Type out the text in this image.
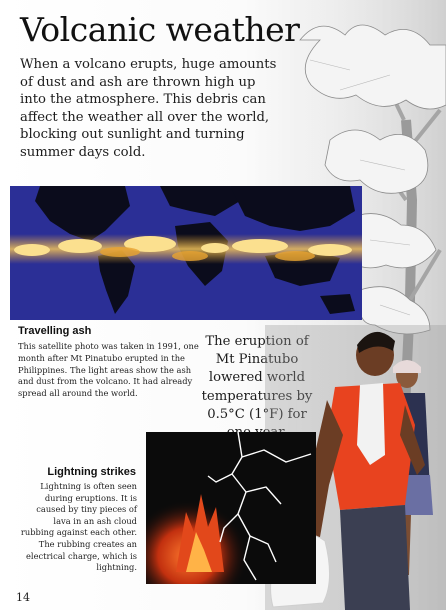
Volcanic weather

When a volcano erupts, huge amounts of dust and ash are thrown high up into the atmosphere. This debris can affect the weather all over the world, blocking out sunlight and turning summer days cold.

Travelling ash

This satellite photo was taken in 1991, one month after Mt Pinatubo erupted in the Philippines. The light areas show the ash and dust from the volcano. It had already spread all around the world.

The eruption of Mt Pinatubo lowered world temperatures by 0.5°C (1°F) for

Lightning strikes

Lightning is often seen during eruptions. It is caused by tiny pieces of lava in an ash cloud rubbing against each other. The rubbing creates an electrical charge, which is lightning.

14
